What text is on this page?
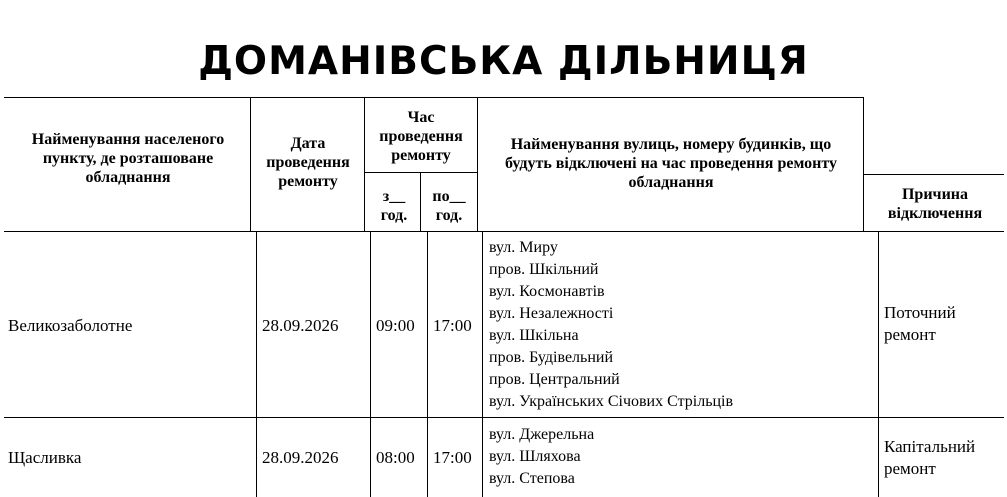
ДОМАНІВСЬКА ДІЛЬНИЦЯ
Найменування населеного пункту, де розташоване обладнання
Дата проведення ремонту
Час проведення ремонту
з__ год.
по__ год.
Найменування вулиць, номеру будинків, що будуть відключені на час проведення ремонту обладнання
Причина відключення
Великозаболотне	28.09.2026 09:00 17:00
вул. Миру
пров. Шкільний
вул. Космонавтів
вул. Незалежності
вул. Шкільна
пров. Будівельний
пров. Центральний
вул. Українських Січових Стрільців
Поточний ремонт
Щасливка	28.09.2026 08:00 17:00
вул. Джерельна
вул. Шляхова
вул. Степова
Капітальний ремонт
